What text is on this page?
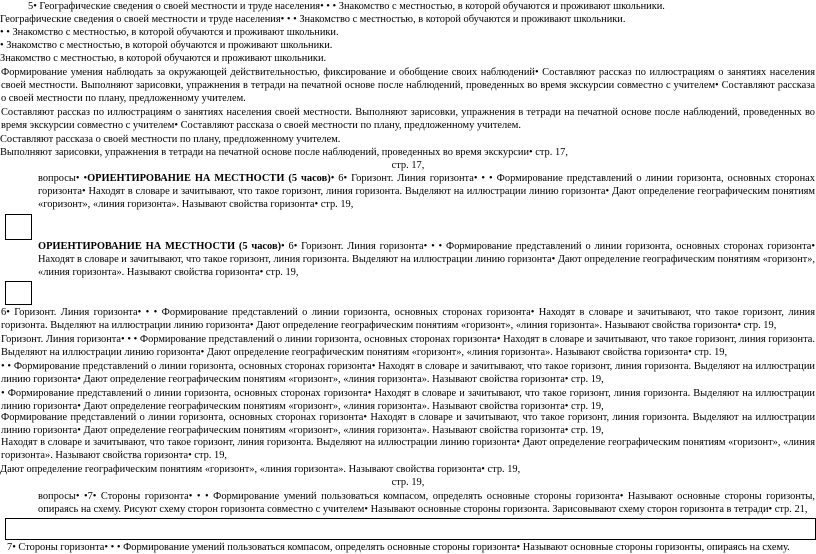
5• Географические сведения о своей местности и труде населения• • • Знакомство с местностью, в которой обучаются и проживают школьники.
Географические сведения о своей местности и труде населения• • • Знакомство с местностью, в которой обучаются и проживают школьники.
• • Знакомство с местностью, в которой обучаются и проживают школьники.
• Знакомство с местностью, в которой обучаются и проживают школьники.
Знакомство с местностью, в которой обучаются и проживают школьники.
Формирование умения наблюдать за окружающей действительностью, фиксирование и обобщение своих наблюдений• Составляют рассказ по иллюстрациям о занятиях населения своей местности. Выполняют зарисовки, упражнения в тетради на печатной основе после наблюдений, проведенных во время экскурсии совместно с учителем• Составляют рассказа о своей местности по плану, предложенному учителем.
Составляют рассказ по иллюстрациям о занятиях населения своей местности. Выполняют зарисовки, упражнения в тетради на печатной основе после наблюдений, проведенных во время экскурсии совместно с учителем• Составляют рассказа о своей местности по плану, предложенному учителем.
Составляют рассказа о своей местности по плану, предложенному учителем.
Выполняют зарисовки, упражнения в тетради на печатной основе после наблюдений, проведенных во время экскурсии• стр. 17,
стр. 17,
вопросы• •ОРИЕНТИРОВАНИЕ НА МЕСТНОСТИ (5 часов)• 6• Горизонт. Линия горизонта• • • Формирование представлений о линии горизонта, основных сторонах горизонта• Находят в словаре и зачитывают, что такое горизонт, линия горизонта. Выделяют на иллюстрации линию горизонта• Дают определение географическим понятиям «горизонт», «линия горизонта». Называют свойства горизонта• стр. 19,
ОРИЕНТИРОВАНИЕ НА МЕСТНОСТИ (5 часов)• 6• Горизонт. Линия горизонта• • • Формирование представлений о линии горизонта, основных сторонах горизонта• Находят в словаре и зачитывают, что такое горизонт, линия горизонта. Выделяют на иллюстрации линию горизонта• Дают определение географическим понятиям «горизонт», «линия горизонта». Называют свойства горизонта• стр. 19,
6• Горизонт. Линия горизонта• • • Формирование представлений о линии горизонта, основных сторонах горизонта• Находят в словаре и зачитывают, что такое горизонт, линия горизонта. Выделяют на иллюстрации линию горизонта• Дают определение географическим понятиям «горизонт», «линия горизонта». Называют свойства горизонта• стр. 19,
Горизонт. Линия горизонта• • • Формирование представлений о линии горизонта, основных сторонах горизонта• Находят в словаре и зачитывают, что такое горизонт, линия горизонта. Выделяют на иллюстрации линию горизонта• Дают определение географическим понятиям «горизонт», «линия горизонта». Называют свойства горизонта• стр. 19,
• • Формирование представлений о линии горизонта, основных сторонах горизонта• Находят в словаре и зачитывают, что такое горизонт, линия горизонта. Выделяют на иллюстрации линию горизонта• Дают определение географическим понятиям «горизонт», «линия горизонта». Называют свойства горизонта• стр. 19,
• Формирование представлений о линии горизонта, основных сторонах горизонта• Находят в словаре и зачитывают, что такое горизонт, линия горизонта. Выделяют на иллюстрации линию горизонта• Дают определение географическим понятиям «горизонт», «линия горизонта». Называют свойства горизонта• стр. 19,
Формирование представлений о линии горизонта, основных сторонах горизонта• Находят в словаре и зачитывают, что такое горизонт, линия горизонта. Выделяют на иллюстрации линию горизонта• Дают определение географическим понятиям «горизонт», «линия горизонта». Называют свойства горизонта• стр. 19,
Находят в словаре и зачитывают, что такое горизонт, линия горизонта. Выделяют на иллюстрации линию горизонта• Дают определение географическим понятиям «горизонт», «линия горизонта». Называют свойства горизонта• стр. 19,
Дают определение географическим понятиям «горизонт», «линия горизонта». Называют свойства горизонта• стр. 19,
стр. 19,
вопросы• •7• Стороны горизонта• • • Формирование умений пользоваться компасом, определять основные стороны горизонта• Называют основные стороны горизонты, опираясь на схему. Рисуют схему сторон горизонта совместно с учителем• Называют основные стороны горизонта. Зарисовывают схему сторон горизонта в тетради• стр. 21,
7• Стороны горизонта• • • Формирование умений пользоваться компасом, определять основные стороны горизонта• Называют основные стороны горизонты, опираясь на схему.
